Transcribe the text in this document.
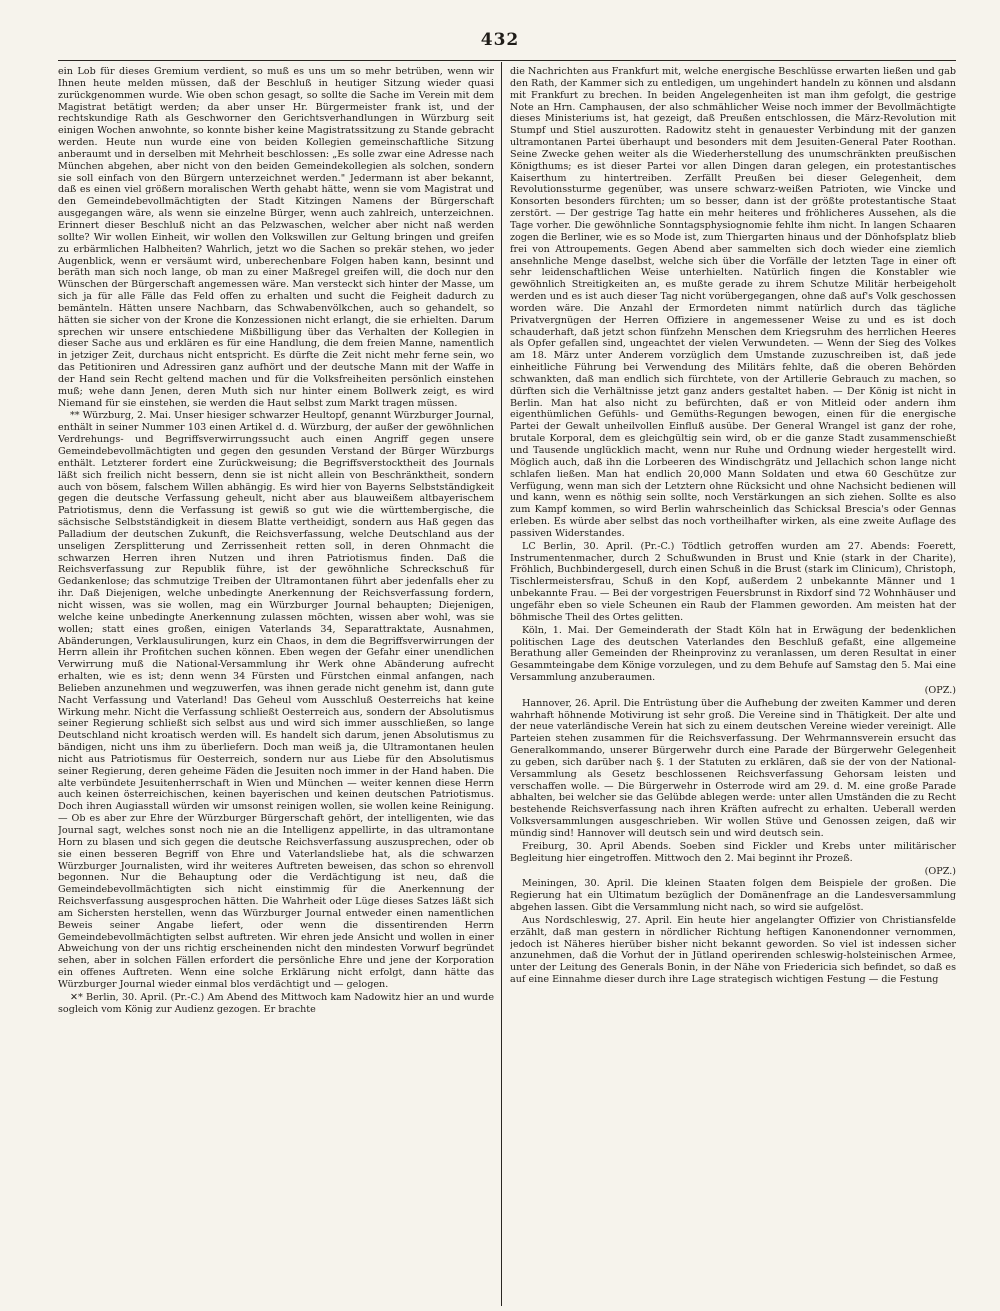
432

ein Lob für dieses Gremium verdient, so muß es uns um so mehr betrüben, wenn wir Ihnen heute melden müssen, daß der Beschluß in heutiger Sitzung wieder quasi zurückgenommen wurde. Wie oben schon gesagt, so sollte die Sache im Verein mit dem Magistrat betätigt werden; da aber unser Hr. Bürgermeister frank ist, und der rechtskundige Rath als Geschworner den Gerichtsverhandlungen in Würzburg seit einigen Wochen anwohnte, so konnte bisher keine Magistratssitzung zu Stande gebracht werden. Heute nun wurde eine von beiden Kollegien gemeinschaftliche Sitzung anberaumt und in derselben mit Mehrheit beschlossen: „Es solle zwar eine Adresse nach München abgehen, aber nicht von den beiden Gemeindekollegien als solchen, sondern sie soll einfach von den Bürgern unterzeichnet werden." Jedermann ist aber bekannt, daß es einen viel größern moralischen Werth gehabt hätte, wenn sie vom Magistrat und den Gemeindebevollmächtigten der Stadt Kitzingen Namens der Bürgerschaft ausgegangen wäre, als wenn sie einzelne Bürger, wenn auch zahlreich, unterzeichnen. Erinnert dieser Beschluß nicht an das Pelzwaschen, welcher aber nicht naß werden sollte? Wir wollen Einheit, wir wollen den Volkswillen zur Geltung bringen und greifen zu erbärmlichen Halbheiten? Wahrlich, jetzt wo die Sachen so prekär stehen, wo jeder Augenblick, wenn er versäumt wird, unberechenbare Folgen haben kann, besinnt und beräth man sich noch lange, ob man zu einer Maßregel greifen will, die doch nur den Wünschen der Bürgerschaft angemessen wäre. Man versteckt sich hinter der Masse, um sich ja für alle Fälle das Feld offen zu erhalten und sucht die Feigheit dadurch zu bemänteln. Hätten unsere Nachbarn, das Schwabenvölkchen, auch so gehandelt, so hätten sie sicher von der Krone die Konzessionen nicht erlangt, die sie erhielten. Darum sprechen wir unsere entschiedene Mißbilligung über das Verhalten der Kollegien in dieser Sache aus und erklären es für eine Handlung, die dem freien Manne, namentlich in jetziger Zeit, durchaus nicht entspricht. Es dürfte die Zeit nicht mehr ferne sein, wo das Petitioniren und Adressiren ganz aufhört und der deutsche Mann mit der Waffe in der Hand sein Recht geltend machen und für die Volksfreiheiten persönlich einstehen muß; wehe dann Jenen, deren Muth sich nur hinter einem Bollwerk zeigt, es wird Niemand für sie einstehen, sie werden die Haut selbst zum Markt tragen müssen.

** Würzburg, 2. Mai. Unser hiesiger schwarzer Heultopf, genannt Würzburger Journal, enthält in seiner Nummer 103 einen Artikel d. d. Würzburg, der außer der gewöhnlichen Verdrehungs- und Begriffsverwirrungssucht auch einen Angriff gegen unsere Gemeindebevollmächtigten und gegen den gesunden Verstand der Bürger Würzburgs enthält. Letzterer fordert eine Zurückweisung; die Begriffsverstocktheit des Journals läßt sich freilich nicht bessern, denn sie ist nicht allein von Beschränktheit, sondern auch von bösem, falschem Willen abhängig. Es wird hier von Bayerns Selbstständigkeit gegen die deutsche Verfassung geheult, nicht aber aus blauweißem altbayerischem Patriotismus, denn die Verfassung ist gewiß so gut wie die württembergische, die sächsische Selbstständigkeit in diesem Blatte vertheidigt, sondern aus Haß gegen das Palladium der deutschen Zukunft, die Reichsverfassung, welche Deutschland aus der unseligen Zersplitterung und Zerrissenheit retten soll, in deren Ohnmacht die schwarzen Herren ihren Nutzen und ihren Patriotismus finden. Daß die Reichsverfassung zur Republik führe, ist der gewöhnliche Schreckschuß für Gedankenlose; das schmutzige Treiben der Ultramontanen führt aber jedenfalls eher zu ihr. Daß Diejenigen, welche unbedingte Anerkennung der Reichsverfassung fordern, nicht wissen, was sie wollen, mag ein Würzburger Journal behaupten; Diejenigen, welche keine unbedingte Anerkennung zulassen möchten, wissen aber wohl, was sie wollen; statt eines großen, einigen Vaterlands 34, Separattraktate, Ausnahmen, Abänderungen, Verklausulirungen, kurz ein Chaos, in dem die Begriffsverwirrungen der Herrn allein ihr Profitchen suchen können. Eben wegen der Gefahr einer unendlichen Verwirrung muß die National-Versammlung ihr Werk ohne Abänderung aufrecht erhalten, wie es ist; denn wenn 34 Fürsten und Fürstchen einmal anfangen, nach Belieben anzunehmen und wegzuwerfen, was ihnen gerade nicht genehm ist, dann gute Nacht Verfassung und Vaterland! Das Geheul vom Ausschluß Oesterreichs hat keine Wirkung mehr. Nicht die Verfassung schließt Oesterreich aus, sondern der Absolutismus seiner Regierung schließt sich selbst aus und wird sich immer ausschließen, so lange Deutschland nicht kroatisch werden will. Es handelt sich darum, jenen Absolutismus zu bändigen, nicht uns ihm zu überliefern. Doch man weiß ja, die Ultramontanen heulen nicht aus Patriotismus für Oesterreich, sondern nur aus Liebe für den Absolutismus seiner Regierung, deren geheime Fäden die Jesuiten noch immer in der Hand haben. Die alte verbündete Jesuitenherrschaft in Wien und München — weiter kennen diese Herrn auch keinen österreichischen, keinen bayerischen und keinen deutschen Patriotismus. Doch ihren Augiasstall würden wir umsonst reinigen wollen, sie wollen keine Reinigung. — Ob es aber zur Ehre der Würzburger Bürgerschaft gehört, der intelligenten, wie das Journal sagt, welches sonst noch nie an die Intelligenz appellirte, in das ultramontane Horn zu blasen und sich gegen die deutsche Reichsverfassung auszusprechen, oder ob sie einen besseren Begriff von Ehre und Vaterlandsliebe hat, als die schwarzen Würzburger Journalisten, wird ihr weiteres Auftreten beweisen, das schon so ehrenvoll begonnen. Nur die Behauptung oder die Verdächtigung ist neu, daß die Gemeindebevollmächtigten sich nicht einstimmig für die Anerkennung der Reichsverfassung ausgesprochen hätten. Die Wahrheit oder Lüge dieses Satzes läßt sich am Sichersten herstellen, wenn das Würzburger Journal entweder einen namentlichen Beweis seiner Angabe liefert, oder wenn die dissentirenden Herrn Gemeindebevollmächtigten selbst auftreten. Wir ehren jede Ansicht und wollen in einer Abweichung von der uns richtig erscheinenden nicht den mindesten Vorwurf begründet sehen, aber in solchen Fällen erfordert die persönliche Ehre und jene der Korporation ein offenes Auftreten. Wenn eine solche Erklärung nicht erfolgt, dann hätte das Würzburger Journal wieder einmal blos verdächtigt und — gelogen.

✕* Berlin, 30. April. (Pr.-C.) Am Abend des Mittwoch kam Nadowitz hier an und wurde sogleich vom König zur Audienz gezogen. Er brachte

die Nachrichten aus Frankfurt mit, welche energische Beschlüsse erwarten ließen und gab den Rath, der Kammer sich zu entledigen, um ungehindert handeln zu können und alsdann mit Frankfurt zu brechen. In beiden Angelegenheiten ist man ihm gefolgt, die gestrige Note an Hrn. Camphausen, der also schmählicher Weise noch immer der Bevollmächtigte dieses Ministeriums ist, hat gezeigt, daß Preußen entschlossen, die März-Revolution mit Stumpf und Stiel auszurotten. Radowitz steht in genauester Verbindung mit der ganzen ultramontanen Partei überhaupt und besonders mit dem Jesuiten-General Pater Roothan. Seine Zwecke gehen weiter als die Wiederherstellung des unumschränkten preußischen Königthums; es ist dieser Partei vor allen Dingen daran gelegen, ein protestantisches Kaiserthum zu hintertreiben. Zerfällt Preußen bei dieser Gelegenheit, dem Revolutionssturme gegenüber, was unsere schwarz-weißen Patrioten, wie Vincke und Konsorten besonders fürchten; um so besser, dann ist der größte protestantische Staat zerstört. — Der gestrige Tag hatte ein mehr heiteres und fröhlicheres Aussehen, als die Tage vorher. Die gewöhnliche Sonntagsphysiognomie fehlte ihm nicht. In langen Schaaren zogen die Berliner, wie es so Mode ist, zum Thiergarten hinaus und der Dönhofsplatz blieb frei von Attroupements. Gegen Abend aber sammelten sich doch wieder eine ziemlich ansehnliche Menge daselbst, welche sich über die Vorfälle der letzten Tage in einer oft sehr leidenschaftlichen Weise unterhielten. Natürlich fingen die Konstabler wie gewöhnlich Streitigkeiten an, es mußte gerade zu ihrem Schutze Militär herbeigeholt werden und es ist auch dieser Tag nicht vorübergegangen, ohne daß auf's Volk geschossen worden wäre. Die Anzahl der Ermordeten nimmt natürlich durch das tägliche Privatvergnügen der Herren Offiziere in angemessener Weise zu und es ist doch schauderhaft, daß jetzt schon fünfzehn Menschen dem Kriegsruhm des herrlichen Heeres als Opfer gefallen sind, ungeachtet der vielen Verwundeten. — Wenn der Sieg des Volkes am 18. März unter Anderem vorzüglich dem Umstande zuzuschreiben ist, daß jede einheitliche Führung bei Verwendung des Militärs fehlte, daß die oberen Behörden schwankten, daß man endlich sich fürchtete, von der Artillerie Gebrauch zu machen, so dürften sich die Verhältnisse jetzt ganz anders gestaltet haben. — Der König ist nicht in Berlin. Man hat also nicht zu befürchten, daß er von Mitleid oder andern ihm eigenthümlichen Gefühls- und Gemüths-Regungen bewogen, einen für die energische Partei der Gewalt unheilvollen Einfluß ausübe. Der General Wrangel ist ganz der rohe, brutale Korporal, dem es gleichgültig sein wird, ob er die ganze Stadt zusammenschießt und Tausende unglücklich macht, wenn nur Ruhe und Ordnung wieder hergestellt wird. Möglich auch, daß ihn die Lorbeeren des Windischgrätz und Jellachich schon lange nicht schlafen ließen. Man hat endlich 20,000 Mann Soldaten und etwa 60 Geschütze zur Verfügung, wenn man sich der Letztern ohne Rücksicht und ohne Nachsicht bedienen will und kann, wenn es nöthig sein sollte, noch Verstärkungen an sich ziehen. Sollte es also zum Kampf kommen, so wird Berlin wahrscheinlich das Schicksal Brescia's oder Gennas erleben. Es würde aber selbst das noch vortheilhafter wirken, als eine zweite Auflage des passiven Widerstandes.

LC Berlin, 30. April. (Pr.-C.) Tödtlich getroffen wurden am 27. Abends: Foerett, Instrumentenmacher, durch 2 Schußwunden in Brust und Knie (stark in der Charite), Fröhlich, Buchbindergesell, durch einen Schuß in die Brust (stark im Clinicum), Christoph, Tischlermeistersfrau, Schuß in den Kopf, außerdem 2 unbekannte Männer und 1 unbekannte Frau. — Bei der vorgestrigen Feuersbrunst in Rixdorf sind 72 Wohnhäuser und ungefähr eben so viele Scheunen ein Raub der Flammen geworden. Am meisten hat der böhmische Theil des Ortes gelitten.

Köln, 1. Mai. Der Gemeinderath der Stadt Köln hat in Erwägung der bedenklichen politischen Lage des deutschen Vaterlandes den Beschluß gefaßt, eine allgemeine Berathung aller Gemeinden der Rheinprovinz zu veranlassen, um deren Resultat in einer Gesammteingabe dem Könige vorzulegen, und zu dem Behufe auf Samstag den 5. Mai eine Versammlung anzuberaumen.

(OPZ.)

Hannover, 26. April. Die Entrüstung über die Aufhebung der zweiten Kammer und deren wahrhaft höhnende Motivirung ist sehr groß. Die Vereine sind in Thätigkeit. Der alte und der neue vaterländische Verein hat sich zu einem deutschen Vereine wieder vereinigt. Alle Parteien stehen zusammen für die Reichsverfassung. Der Wehrmannsverein ersucht das Generalkommando, unserer Bürgerwehr durch eine Parade der Bürgerwehr Gelegenheit zu geben, sich darüber nach §. 1 der Statuten zu erklären, daß sie der von der National-Versammlung als Gesetz beschlossenen Reichsverfassung Gehorsam leisten und verschaffen wolle. — Die Bürgerwehr in Osterrode wird am 29. d. M. eine große Parade abhalten, bei welcher sie das Gelübde ablegen werde: unter allen Umständen die zu Recht bestehende Reichsverfassung nach ihren Kräften aufrecht zu erhalten. Ueberall werden Volksversammlungen ausgeschrieben. Wir wollen Stüve und Genossen zeigen, daß wir mündig sind! Hannover will deutsch sein und wird deutsch sein.

Freiburg, 30. April Abends. Soeben sind Fickler und Krebs unter militärischer Begleitung hier eingetroffen. Mittwoch den 2. Mai beginnt ihr Prozeß.

(OPZ.)

Meiningen, 30. April. Die kleinen Staaten folgen dem Beispiele der großen. Die Regierung hat ein Ultimatum bezüglich der Domänenfrage an die Landesversammlung abgehen lassen. Gibt die Versammlung nicht nach, so wird sie aufgelöst.

Aus Nordschleswig, 27. April. Ein heute hier angelangter Offizier von Christiansfelde erzählt, daß man gestern in nördlicher Richtung heftigen Kanonendonner vernommen, jedoch ist Näheres hierüber bisher nicht bekannt geworden. So viel ist indessen sicher anzunehmen, daß die Vorhut der in Jütland operirenden schleswig-holsteinischen Armee, unter der Leitung des Generals Bonin, in der Nähe von Friedericia sich befindet, so daß es auf eine Einnahme dieser durch ihre Lage strategisch wichtigen Festung — die Festung
